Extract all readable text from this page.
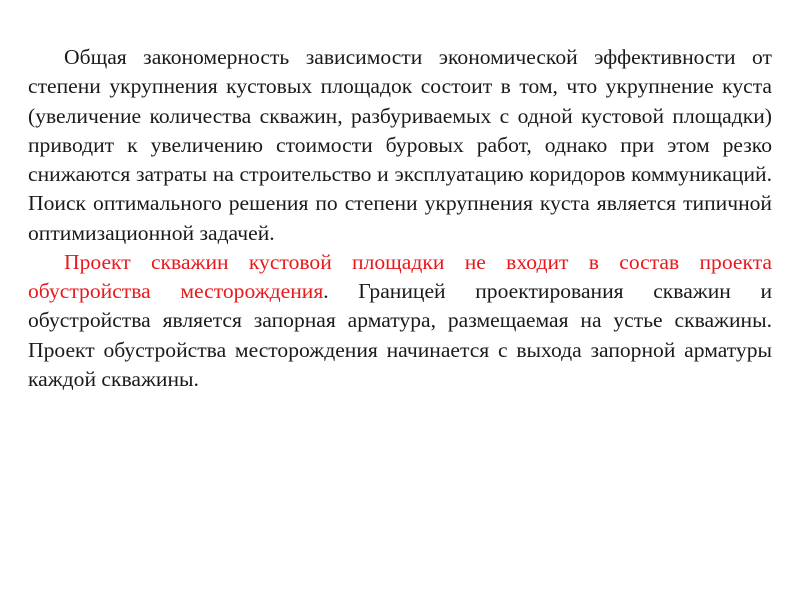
Общая закономерность зависимости экономической эффективности от степени укрупнения кустовых площадок состоит в том, что укрупнение куста (увеличение количества скважин, разбуриваемых с одной кустовой площадки) приводит к увеличению стоимости буровых работ, однако при этом резко снижаются затраты на строительство и эксплуатацию коридоров коммуникаций. Поиск оптимального решения по степени укрупнения куста является типичной оптимизационной задачей.

Проект скважин кустовой площадки не входит в состав проекта обустройства месторождения. Границей проектирования скважин и обустройства является запорная арматура, размещаемая на устье скважины. Проект обустройства месторождения начинается с выхода запорной арматуры каждой скважины.
